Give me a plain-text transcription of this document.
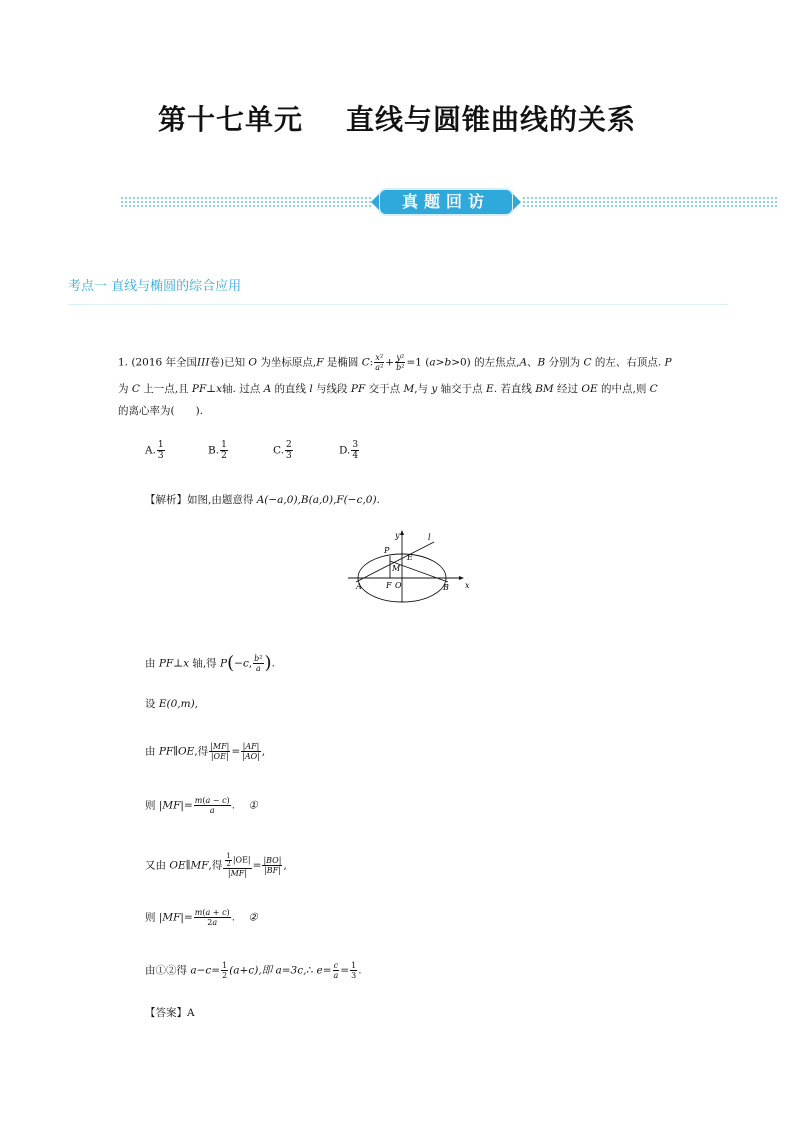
第十七单元    直线与圆锥曲线的关系
真题回访
考点一 直线与椭圆的综合应用
1. (2016 年全国III卷)已知 O 为坐标原点,F 是椭圆 C: $\frac{\text{x²}}{\text{a²}} + \frac{\text{y²}}{\text{b²}} =1$ (a>b>0) 的左焦点,A、B 分别为 C 的左、右顶点. P
为 C 上一点,且 PF⊥x轴. 过点 A 的直线 l 与线段 PF 交于点 M,与 y 轴交于点 E. 若直线 BM 经过 OE 的中点,则 C
的离心率为(　　).
A. $\frac{1}{3}$	B. $\frac{1}{2}$	C. $\frac{2}{3}$	D. $\frac{3}{4}$
【解析】如图,由题意得 A(−a,0),B(a,0),F(−c,0).
y
x
l
P
E
M
A	F O	B
由 PF⊥x 轴,得 P(−c, $\frac{\text{b²}}{a}$ ).
设 E(0,m),
由 PF∥OE,得 $\frac{|MF|}{|OE|} = \frac{|AF|}{|AO|}$ ,
则 $|MF|= \frac{m(a - c)}{a}$ .    ①
又由 OE∥MF,得 $\frac{\frac{1}{2} |OE|}{|MF|} = \frac{|BO|}{|BF|}$ ,
则 $|MF|= \frac{m(a + c)}{2a}$ .    ②
由①②得 $a-c= \frac{1}{2} (a+c)$,即 a=3c,∴ $e= \frac{c}{a} = \frac{1}{3}$ .
【答案】A
